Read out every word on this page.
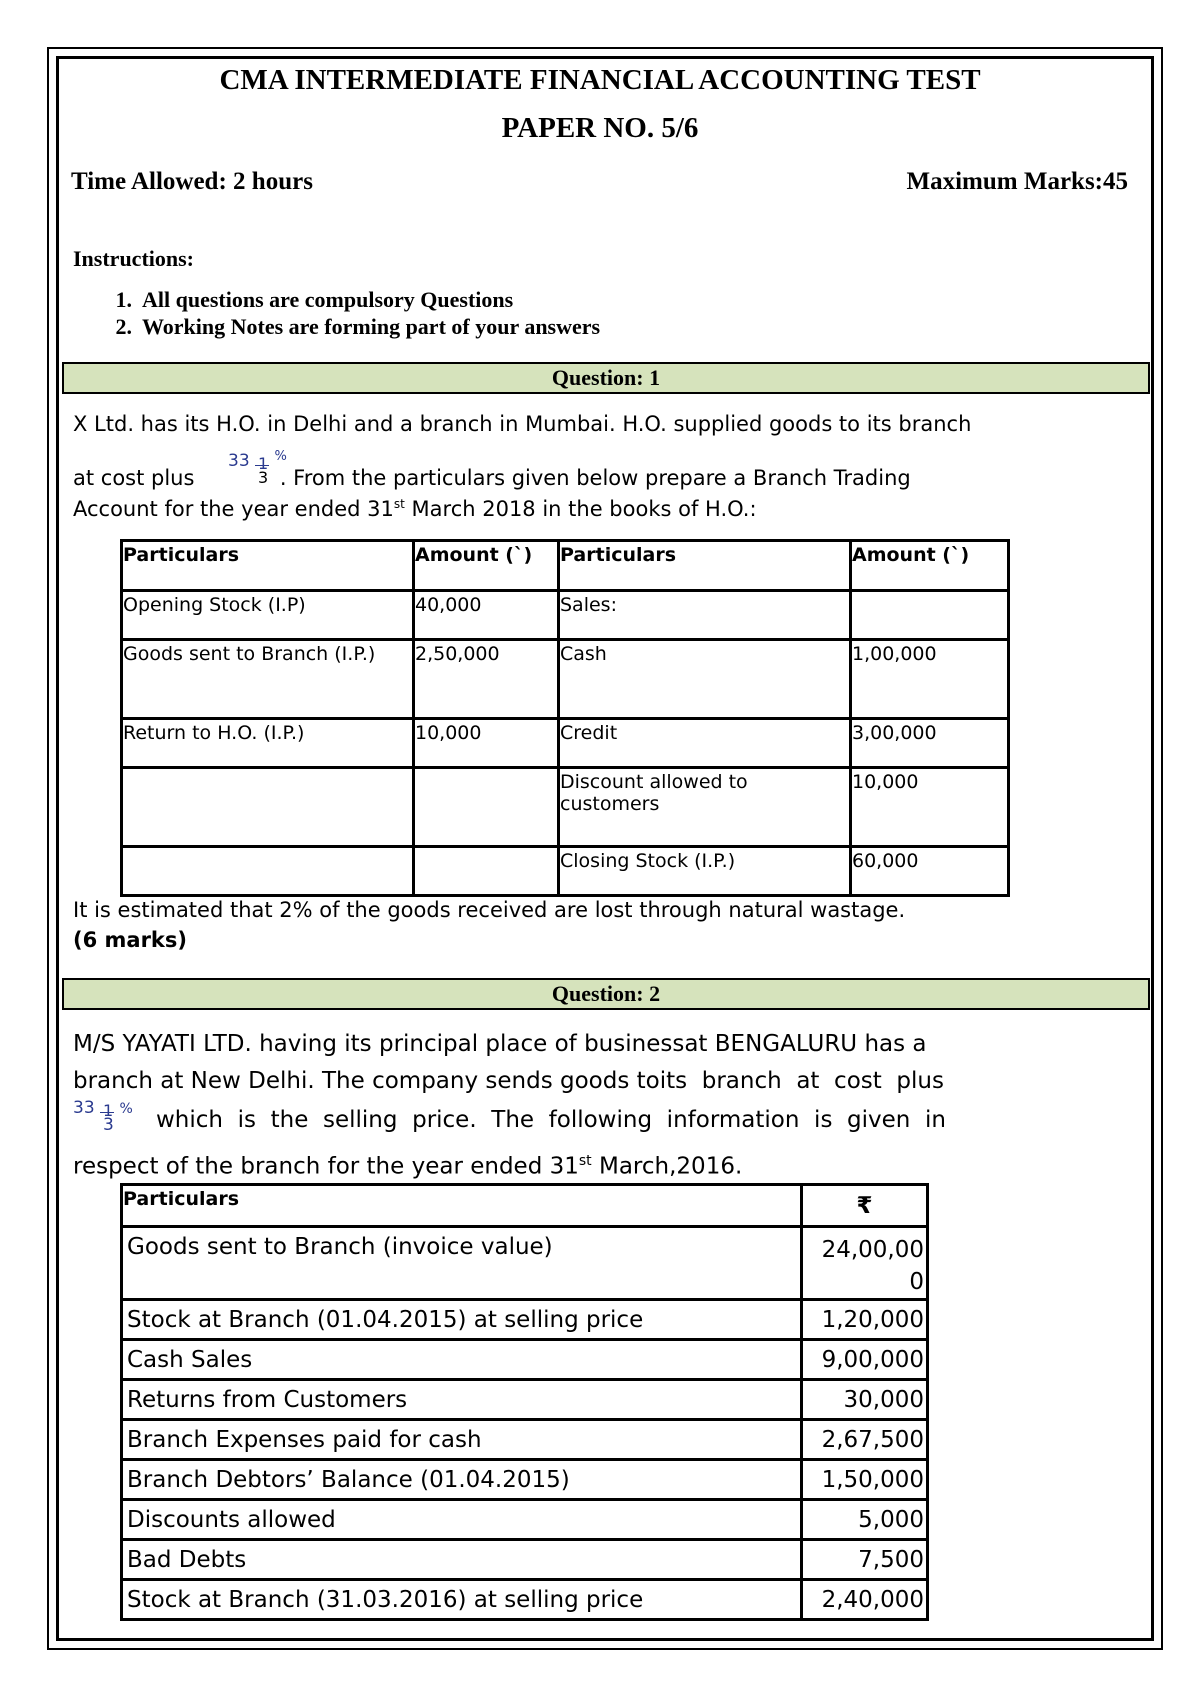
CMA INTERMEDIATE FINANCIAL ACCOUNTING TEST
PAPER NO. 5/6
Time Allowed: 2 hours	Maximum Marks:45
Instructions:
1. All questions are compulsory Questions
2. Working Notes are forming part of your answers
Question: 1
X Ltd. has its H.O. in Delhi and a branch in Mumbai. H.O. supplied goods to its branch
at cost plus	. From the particulars given below prepare a Branch Trading
33 1
3
%
Account for the year ended 31st March 2018 in the books of H.O.:
Particulars	Amount (`)	Particulars	Amount (`)
Opening Stock (I.P)	40,000	Sales:	
Goods sent to Branch (I.P.)	2,50,000	Cash	1,00,000
Return to H.O. (I.P.)	10,000	Credit	3,00,000
		Discount allowed to customers	10,000
		Closing Stock (I.P.)	60,000
It is estimated that 2% of the goods received are lost through natural wastage.
(6 marks)
Question: 2
M/S YAYATI LTD. having its principal place of businessat BENGALURU has a
branch at New Delhi. The company sends goods toits  branch  at  cost  plus
33 1
3
% which  is  the  selling  price.  The  following  information  is  given  in
respect of the branch for the year ended 31st March,2016.
Particulars	₹
Goods sent to Branch (invoice value)	24,00,00
0
Stock at Branch (01.04.2015) at selling price	1,20,000
Cash Sales	9,00,000
Returns from Customers	30,000
Branch Expenses paid for cash	2,67,500
Branch Debtors’ Balance (01.04.2015)	1,50,000
Discounts allowed	5,000
Bad Debts	7,500
Stock at Branch (31.03.2016) at selling price	2,40,000
